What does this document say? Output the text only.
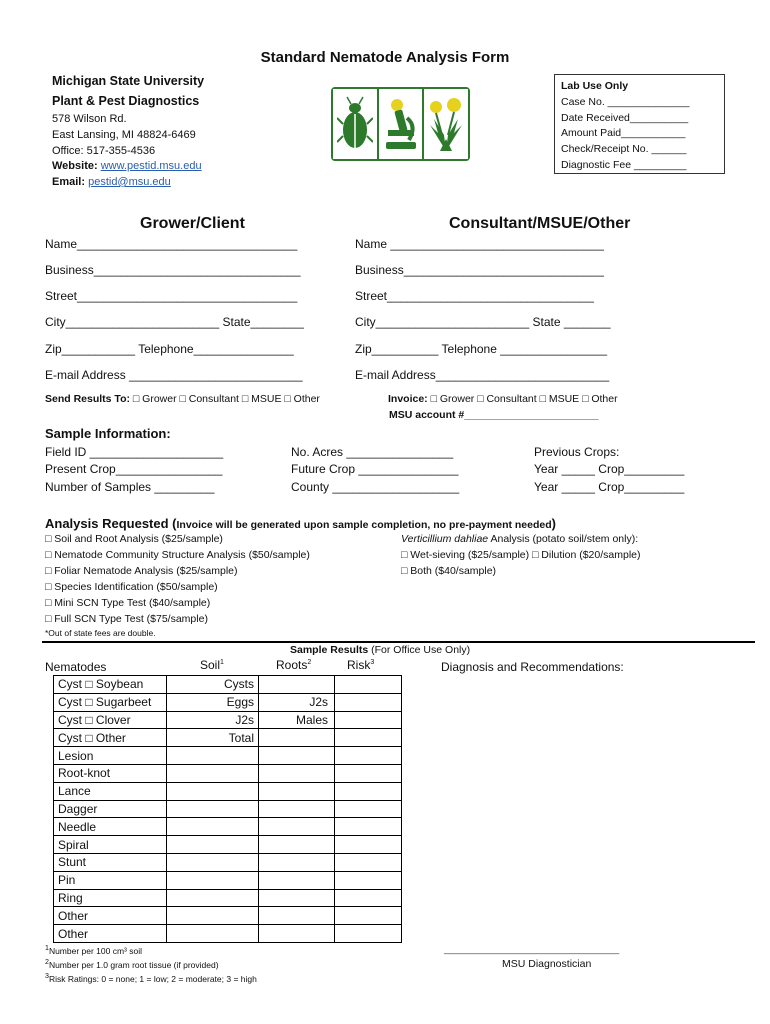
Standard Nematode Analysis Form
Michigan State University
Plant & Pest Diagnostics
578 Wilson Rd.
East Lansing, MI 48824-6469
Office: 517-355-4536
Website: www.pestid.msu.edu
Email: pestid@msu.edu
Lab Use Only
Case No. ______________
Date Received__________
Amount Paid___________
Check/Receipt No. ______
Diagnostic Fee _________
Grower/Client	Consultant/MSUE/Other
Name_________________________________
Business_______________________________
Street_________________________________
City_______________________ State________
Zip___________ Telephone_______________
E-mail Address __________________________
Name ________________________________
Business______________________________
Street_______________________________
City_______________________ State _______
Zip__________ Telephone ________________
E-mail Address__________________________
Send Results To: □ Grower □ Consultant □ MSUE □ Other	Invoice: □ Grower □ Consultant □ MSUE □ Other
MSU account #_______________________
Sample Information:
Field ID ____________________
Present Crop________________
Number of Samples _________
No. Acres ________________
Future Crop _______________
County ___________________
Previous Crops:
Year _____ Crop_________
Year _____ Crop_________
Analysis Requested (Invoice will be generated upon sample completion, no pre-payment needed)
□ Soil and Root Analysis ($25/sample)
□ Nematode Community Structure Analysis ($50/sample)
□ Foliar Nematode Analysis ($25/sample)
□ Species Identification ($50/sample)
□ Mini SCN Type Test ($40/sample)
□ Full SCN Type Test ($75/sample)
*Out of state fees are double.
Verticillium dahliae Analysis (potato soil/stem only):
□ Wet-sieving ($25/sample) □ Dilution ($20/sample)
□ Both ($40/sample)
Sample Results (For Office Use Only)
Nematodes	Soil$^1$	Roots$^2$	Risk$^3$	Diagnosis and Recommendations:
Cyst □ Soybean	Cysts		
Cyst □ Sugarbeet	Eggs	J2s	
Cyst □ Clover	J2s	Males	
Cyst □ Other	Total		
Lesion			
Root-knot			
Lance			
Dagger			
Needle			
Spiral			
Stunt			
Pin			
Ring			
Other			
Other			
$^1$Number per 100 cm³ soil
$^2$Number per 1.0 gram root tissue (if provided)
$^3$Risk Ratings: 0 = none; 1 = low; 2 = moderate; 3 = high
___________________________________
MSU Diagnostician
